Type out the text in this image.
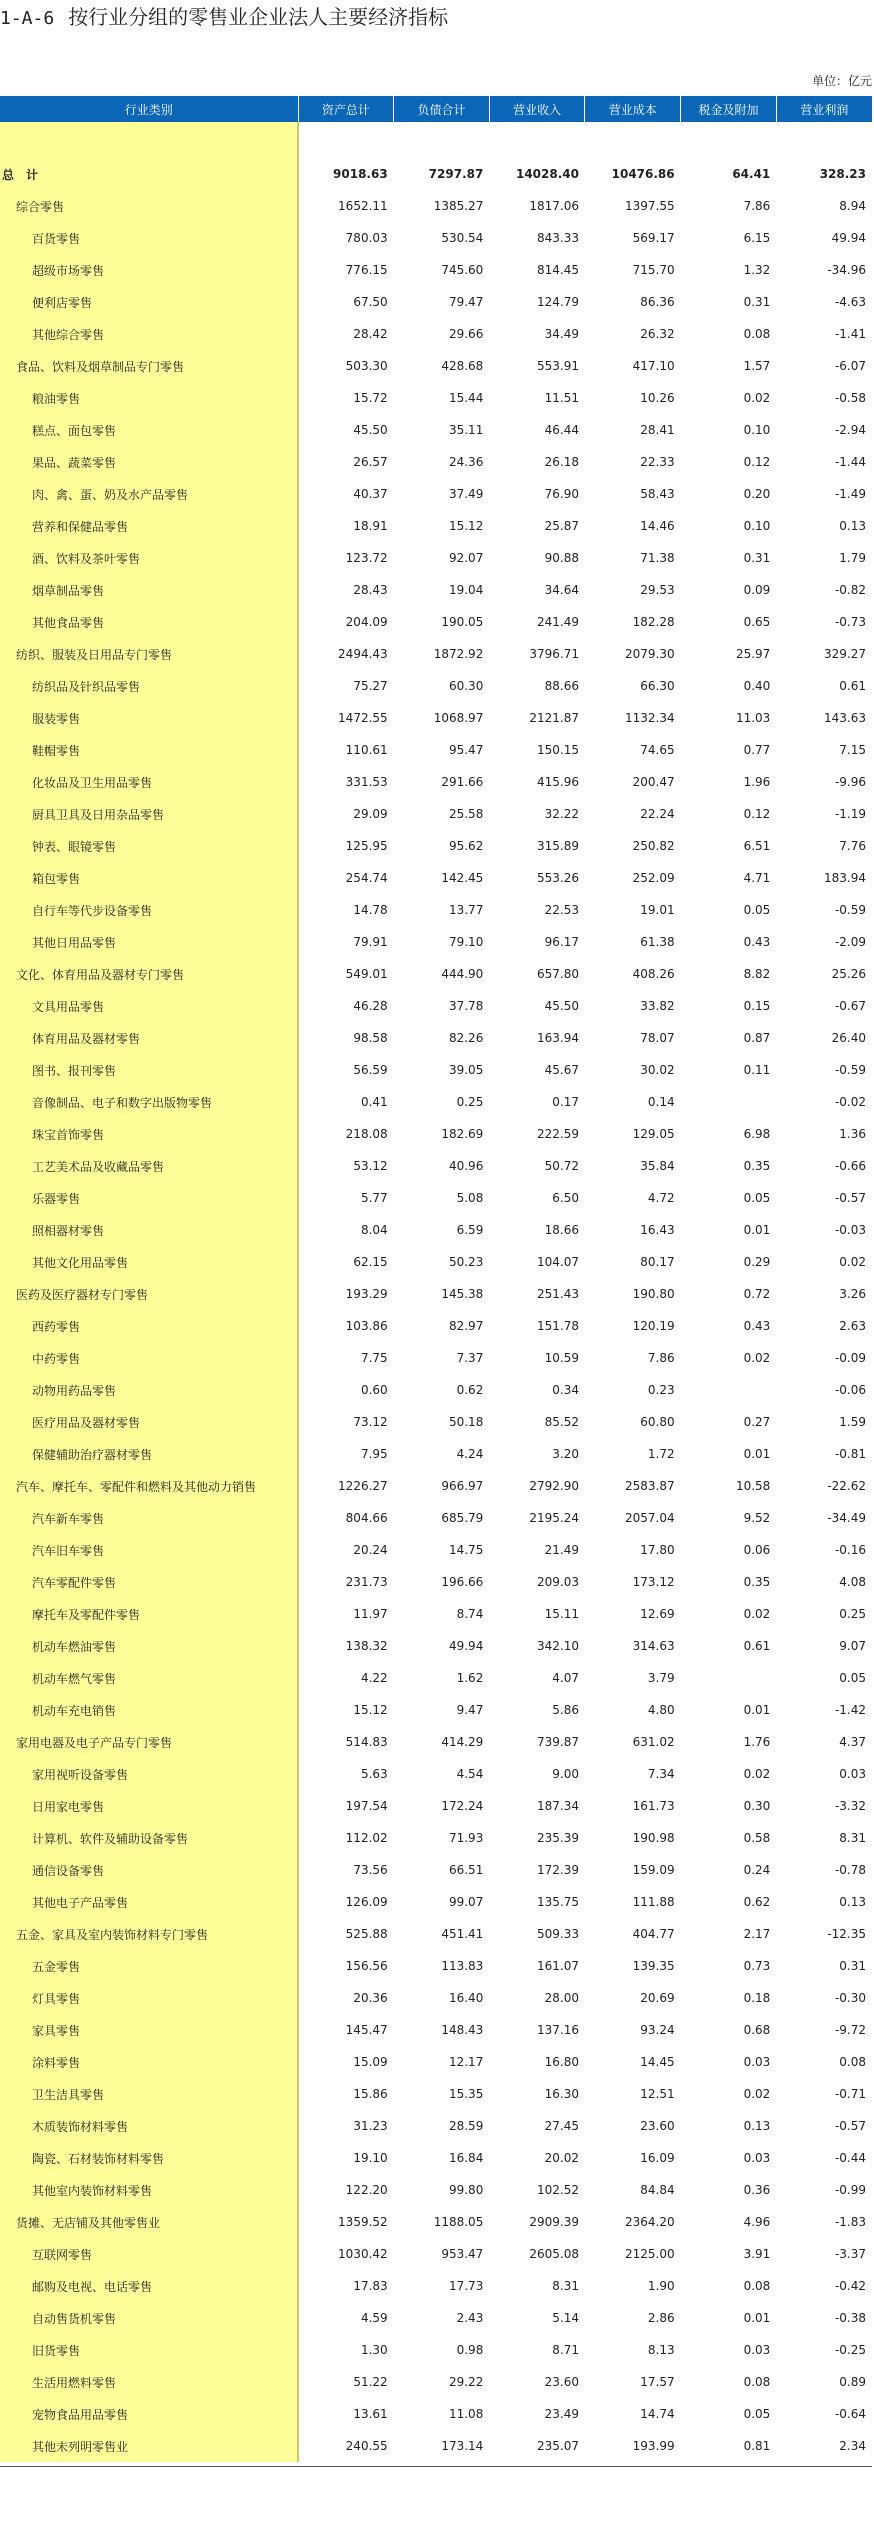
1-A-6 按行业分组的零售业企业法人主要经济指标
单位：亿元
行业类别	资产总计	负债合计	营业收入	营业成本	税金及附加	营业利润

总　计	9018.63	7297.87	14028.40	10476.86	64.41	328.23
综合零售	1652.11	1385.27	1817.06	1397.55	7.86	8.94
百货零售	780.03	530.54	843.33	569.17	6.15	49.94
超级市场零售	776.15	745.60	814.45	715.70	1.32	-34.96
便利店零售	67.50	79.47	124.79	86.36	0.31	-4.63
其他综合零售	28.42	29.66	34.49	26.32	0.08	-1.41
食品、饮料及烟草制品专门零售	503.30	428.68	553.91	417.10	1.57	-6.07
粮油零售	15.72	15.44	11.51	10.26	0.02	-0.58
糕点、面包零售	45.50	35.11	46.44	28.41	0.10	-2.94
果品、蔬菜零售	26.57	24.36	26.18	22.33	0.12	-1.44
肉、禽、蛋、奶及水产品零售	40.37	37.49	76.90	58.43	0.20	-1.49
营养和保健品零售	18.91	15.12	25.87	14.46	0.10	0.13
酒、饮料及茶叶零售	123.72	92.07	90.88	71.38	0.31	1.79
烟草制品零售	28.43	19.04	34.64	29.53	0.09	-0.82
其他食品零售	204.09	190.05	241.49	182.28	0.65	-0.73
纺织、服装及日用品专门零售	2494.43	1872.92	3796.71	2079.30	25.97	329.27
纺织品及针织品零售	75.27	60.30	88.66	66.30	0.40	0.61
服装零售	1472.55	1068.97	2121.87	1132.34	11.03	143.63
鞋帽零售	110.61	95.47	150.15	74.65	0.77	7.15
化妆品及卫生用品零售	331.53	291.66	415.96	200.47	1.96	-9.96
厨具卫具及日用杂品零售	29.09	25.58	32.22	22.24	0.12	-1.19
钟表、眼镜零售	125.95	95.62	315.89	250.82	6.51	7.76
箱包零售	254.74	142.45	553.26	252.09	4.71	183.94
自行车等代步设备零售	14.78	13.77	22.53	19.01	0.05	-0.59
其他日用品零售	79.91	79.10	96.17	61.38	0.43	-2.09
文化、体育用品及器材专门零售	549.01	444.90	657.80	408.26	8.82	25.26
文具用品零售	46.28	37.78	45.50	33.82	0.15	-0.67
体育用品及器材零售	98.58	82.26	163.94	78.07	0.87	26.40
图书、报刊零售	56.59	39.05	45.67	30.02	0.11	-0.59
音像制品、电子和数字出版物零售	0.41	0.25	0.17	0.14		-0.02
珠宝首饰零售	218.08	182.69	222.59	129.05	6.98	1.36
工艺美术品及收藏品零售	53.12	40.96	50.72	35.84	0.35	-0.66
乐器零售	5.77	5.08	6.50	4.72	0.05	-0.57
照相器材零售	8.04	6.59	18.66	16.43	0.01	-0.03
其他文化用品零售	62.15	50.23	104.07	80.17	0.29	0.02
医药及医疗器材专门零售	193.29	145.38	251.43	190.80	0.72	3.26
西药零售	103.86	82.97	151.78	120.19	0.43	2.63
中药零售	7.75	7.37	10.59	7.86	0.02	-0.09
动物用药品零售	0.60	0.62	0.34	0.23		-0.06
医疗用品及器材零售	73.12	50.18	85.52	60.80	0.27	1.59
保健辅助治疗器材零售	7.95	4.24	3.20	1.72	0.01	-0.81
汽车、摩托车、零配件和燃料及其他动力销售	1226.27	966.97	2792.90	2583.87	10.58	-22.62
汽车新车零售	804.66	685.79	2195.24	2057.04	9.52	-34.49
汽车旧车零售	20.24	14.75	21.49	17.80	0.06	-0.16
汽车零配件零售	231.73	196.66	209.03	173.12	0.35	4.08
摩托车及零配件零售	11.97	8.74	15.11	12.69	0.02	0.25
机动车燃油零售	138.32	49.94	342.10	314.63	0.61	9.07
机动车燃气零售	4.22	1.62	4.07	3.79		0.05
机动车充电销售	15.12	9.47	5.86	4.80	0.01	-1.42
家用电器及电子产品专门零售	514.83	414.29	739.87	631.02	1.76	4.37
家用视听设备零售	5.63	4.54	9.00	7.34	0.02	0.03
日用家电零售	197.54	172.24	187.34	161.73	0.30	-3.32
计算机、软件及辅助设备零售	112.02	71.93	235.39	190.98	0.58	8.31
通信设备零售	73.56	66.51	172.39	159.09	0.24	-0.78
其他电子产品零售	126.09	99.07	135.75	111.88	0.62	0.13
五金、家具及室内装饰材料专门零售	525.88	451.41	509.33	404.77	2.17	-12.35
五金零售	156.56	113.83	161.07	139.35	0.73	0.31
灯具零售	20.36	16.40	28.00	20.69	0.18	-0.30
家具零售	145.47	148.43	137.16	93.24	0.68	-9.72
涂料零售	15.09	12.17	16.80	14.45	0.03	0.08
卫生洁具零售	15.86	15.35	16.30	12.51	0.02	-0.71
木质装饰材料零售	31.23	28.59	27.45	23.60	0.13	-0.57
陶瓷、石材装饰材料零售	19.10	16.84	20.02	16.09	0.03	-0.44
其他室内装饰材料零售	122.20	99.80	102.52	84.84	0.36	-0.99
货摊、无店铺及其他零售业	1359.52	1188.05	2909.39	2364.20	4.96	-1.83
互联网零售	1030.42	953.47	2605.08	2125.00	3.91	-3.37
邮购及电视、电话零售	17.83	17.73	8.31	1.90	0.08	-0.42
自动售货机零售	4.59	2.43	5.14	2.86	0.01	-0.38
旧货零售	1.30	0.98	8.71	8.13	0.03	-0.25
生活用燃料零售	51.22	29.22	23.60	17.57	0.08	0.89
宠物食品用品零售	13.61	11.08	23.49	14.74	0.05	-0.64
其他未列明零售业	240.55	173.14	235.07	193.99	0.81	2.34
